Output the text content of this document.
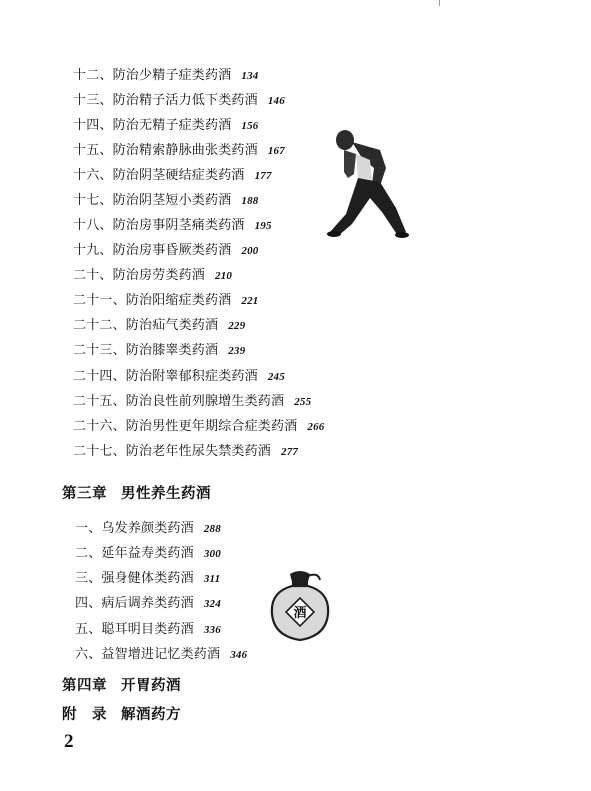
十二、防治少精子症类药酒 134
十三、防治精子活力低下类药酒 146
十四、防治无精子症类药酒 156
十五、防治精索静脉曲张类药酒 167
十六、防治阴茎硬结症类药酒 177
十七、防治阴茎短小类药酒 188
十八、防治房事阴茎痛类药酒 195
十九、防治房事昏厥类药酒 200
二十、防治房劳类药酒 210
二十一、防治阳缩症类药酒 221
二十二、防治疝气类药酒 229
二十三、防治膝睾类药酒 239
二十四、防治附睾郁积症类药酒 245
二十五、防治良性前列腺增生类药酒 255
二十六、防治男性更年期综合症类药酒 266
二十七、防治老年性尿失禁类药酒 277
第三章 男性养生药酒
一、乌发养颜类药酒 288
二、延年益寿类药酒 300
三、强身健体类药酒 311
四、病后调养类药酒 324
五、聪耳明目类药酒 336
六、益智增进记忆类药酒 346
第四章 开胃药酒
附　录 解酒药方
2
酒
